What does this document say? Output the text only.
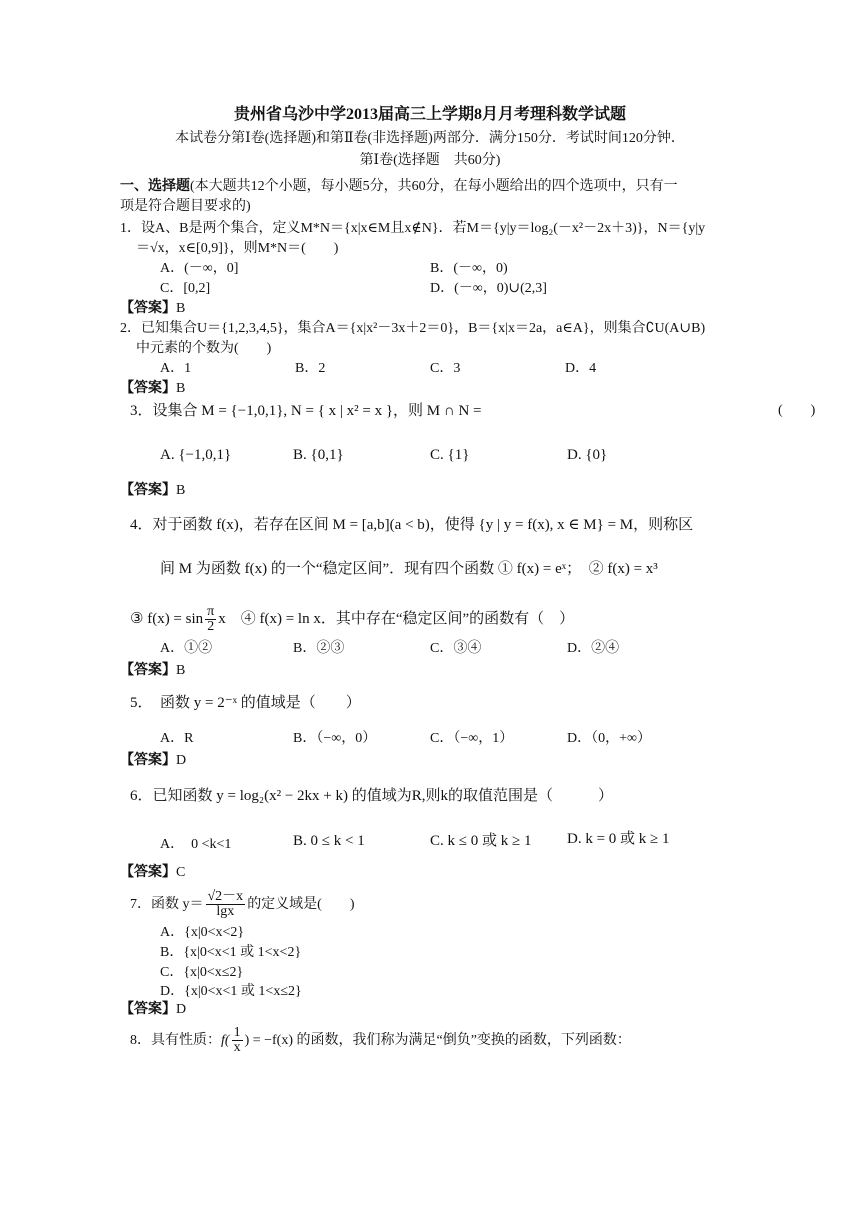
贵州省乌沙中学2013届高三上学期8月月考理科数学试题
本试卷分第Ⅰ卷(选择题)和第Ⅱ卷(非选择题)两部分．满分150分．考试时间120分钟．
第Ⅰ卷(选择题　共60分)
一、选择题(本大题共12个小题，每小题5分，共60分，在每小题给出的四个选项中，只有一
项是符合题目要求的)
1．设A、B是两个集合，定义M*N＝{x|x∈M且x∉N}．若M＝{y|y＝log₂(－x²－2x＋3)}，N＝{y|y
＝√x，x∈[0,9]}，则M*N＝(　　)
A．(－∞，0]	B．(－∞，0)
C．[0,2]	D．(－∞，0)∪(2,3]
【答案】B
2．已知集合U＝{1,2,3,4,5}，集合A＝{x|x²－3x＋2＝0}，B＝{x|x＝2a，a∈A}，则集合∁U(A∪B)
中元素的个数为(　　)
A．1	B．2	C．3	D．4
【答案】B
3．设集合 M = {−1,0,1}, N = { x | x² = x }，则 M ∩ N =	(　　)
A. {−1,0,1}	B. {0,1}	C. {1}	D. {0}
【答案】B
4．对于函数 f(x)，若存在区间 M = [a,b](a < b)，使得 {y | y = f(x), x ∈ M} = M，则称区
间 M 为函数 f(x) 的一个“稳定区间”．现有四个函数 ① f(x) = eˣ；　② f(x) = x³
③ $f(x) = \sin \frac{\pi}{2}$ x　④ f(x) = ln x．其中存在“稳定区间”的函数有（　）
A．①②	B．②③	C．③④	D．②④
【答案】B
5．　函数 y = 2⁻ˣ 的值域是（　　）
A．R	B．（−∞，0）	C．（−∞，1）	D．（0，+∞）
【答案】D
6．已知函数 y = log₂(x² − 2kx + k) 的值域为R,则k的取值范围是（　　　）
A．　0 <k<1	B. 0 ≤ k < 1	C. k ≤ 0 或 k ≥ 1 D. k = 0 或 k ≥ 1
【答案】C
7．函数 $y= \frac{√2-x}{\lg x}$ 的定义域是(　　)
A．{x|0<x<2}
B．{x|0<x<1 或 1<x<2}
C．{x|0<x≤2}
D．{x|0<x<1 或 1<x≤2}
【答案】D
8．具有性质：$f( \frac{1}{x}$ ) = −f(x) 的函数，我们称为满足“倒负”变换的函数，下列函数：
